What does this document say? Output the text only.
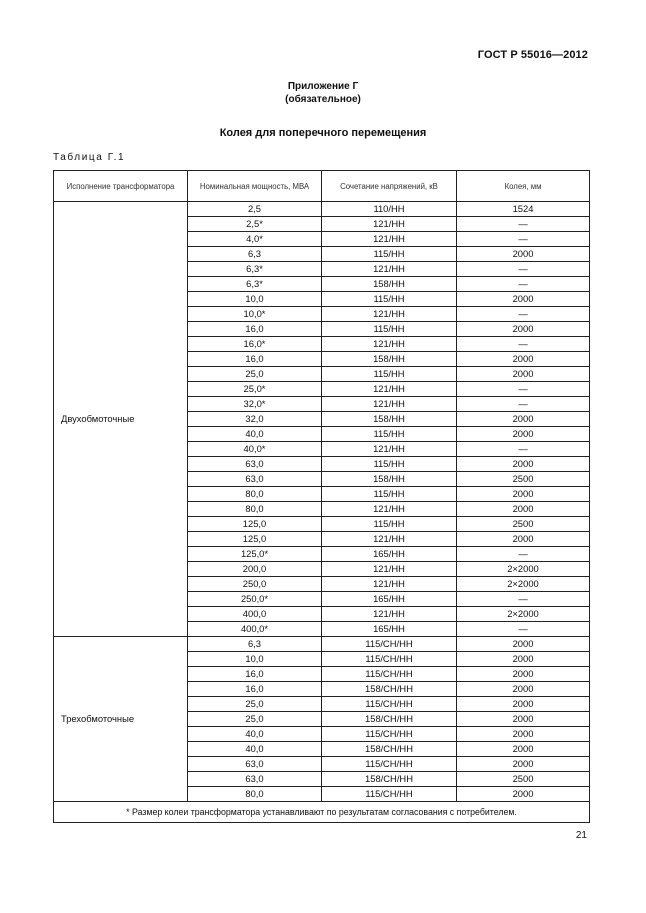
ГОСТ Р 55016—2012
Приложение Г
(обязательное)
Колея для поперечного перемещения
Таблица Г.1
Исполнение трансформатора	Номинальная мощность, МВА	Сочетание напряжений, кВ	Колея, мм
Двухобмоточные	2,5	110/НН	1524
	2,5*	121/НН	—
	4,0*	121/НН	—
	6,3	115/НН	2000
	6,3*	121/НН	—
	6,3*	158/НН	—
	10,0	115/НН	2000
	10,0*	121/НН	—
	16,0	115/НН	2000
	16,0*	121/НН	—
	16,0	158/НН	2000
	25,0	115/НН	2000
	25,0*	121/НН	—
	32,0*	121/НН	—
	32,0	158/НН	2000
	40,0	115/НН	2000
	40,0*	121/НН	—
	63,0	115/НН	2000
	63,0	158/НН	2500
	80,0	115/НН	2000
	80,0	121/НН	2000
	125,0	115/НН	2500
	125,0	121/НН	2000
	125,0*	165/НН	—
	200,0	121/НН	2×2000
	250,0	121/НН	2×2000
	250,0*	165/НН	—
	400,0	121/НН	2×2000
	400,0*	165/НН	—
Трехобмоточные	6,3	115/СН/НН	2000
	10,0	115/СН/НН	2000
	16,0	115/СН/НН	2000
	16,0	158/СН/НН	2000
	25,0	115/СН/НН	2000
	25,0	158/СН/НН	2000
	40,0	115/СН/НН	2000
	40,0	158/СН/НН	2000
	63,0	115/СН/НН	2000
	63,0	158/СН/НН	2500
	80,0	115/СН/НН	2000
* Размер колеи трансформатора устанавливают по результатам согласования с потребителем.			
21
